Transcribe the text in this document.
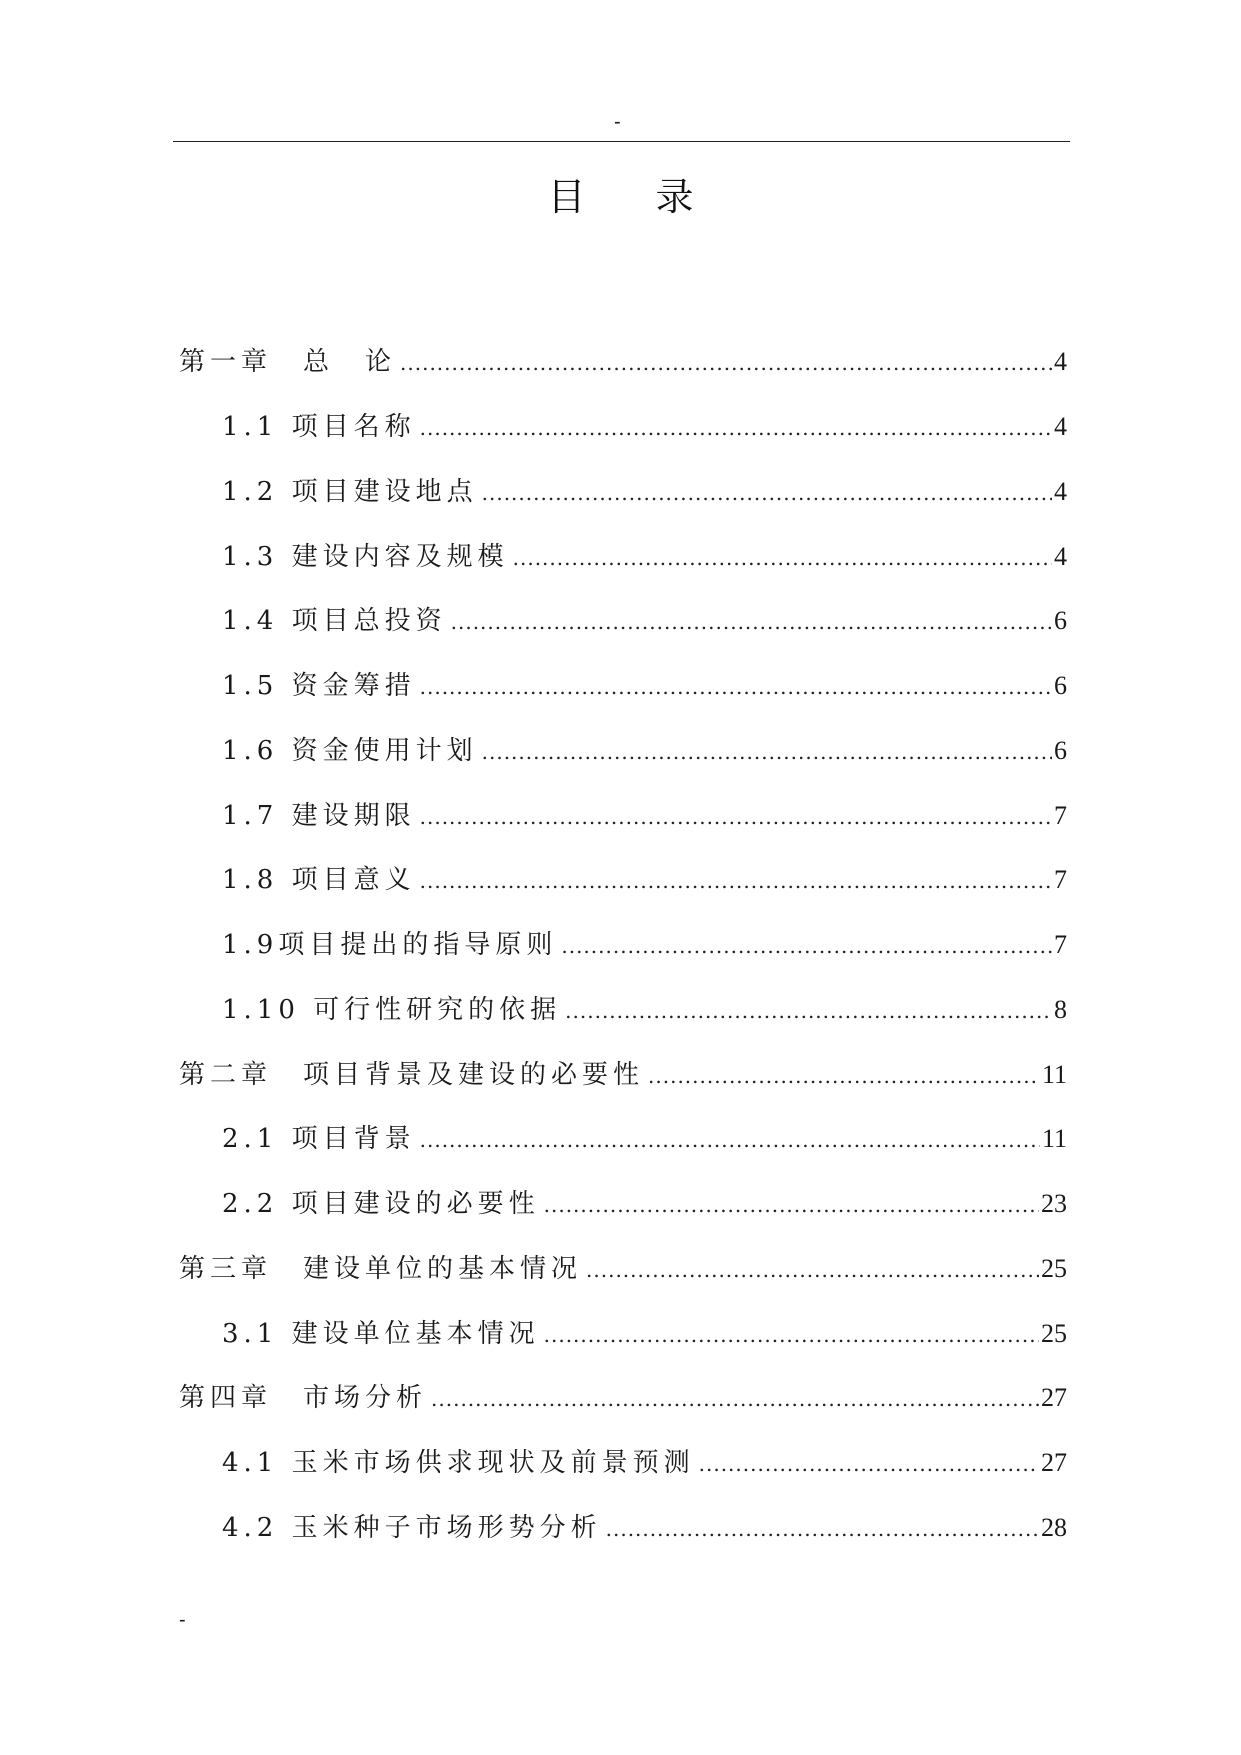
-
目录
第一章　总　论 .....	4
1.1 项目名称 .....	4
1.2 项目建设地点 .....	4
1.3 建设内容及规模 .....	4
1.4 项目总投资 .....	6
1.5 资金筹措 .....	6
1.6 资金使用计划 .....	6
1.7 建设期限 .....	7
1.8 项目意义 .....	7
1.9项目提出的指导原则 .....	7
1.10 可行性研究的依据 .....	8
第二章　项目背景及建设的必要性 .....	11
2.1 项目背景 .....	11
2.2 项目建设的必要性 .....	23
第三章　建设单位的基本情况 .....	25
3.1 建设单位基本情况 .....	25
第四章　市场分析 .....	27
4.1 玉米市场供求现状及前景预测 .....	27
4.2 玉米种子市场形势分析 .....	28
-
